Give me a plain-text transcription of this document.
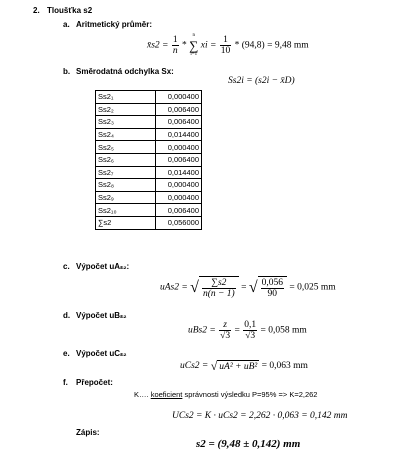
2. Tloušťka s2
a. Aritmetický průměr:
x̄s2 = $\frac{1}{n}$ *
n
∑
i=1
xi = $\frac{1}{10} * (94,8) = 9,48$ mm
b. Směrodatná odchylka Sx:
Ss2i = (s2i − x̄D)
Ss2₁	0,000400
Ss2₂	0,006400
Ss2₃	0,006400
Ss2₄	0,014400
Ss2₅	0,000400
Ss2₆	0,006400
Ss2₇	0,014400
Ss2₈	0,000400
Ss2₉	0,000400
Ss2₁₀	0,006400
∑s2	0,056000
c. Výpočet uAₛ₂:
uAs2 = √ $\frac{\sum s2}{n(n - 1)}$ = √ $\frac{0,056}{90} = 0,025$ mm
d. Výpočet uBₛ₂
$uBs2 = \frac{z}{√3} = \frac{0,1}{√3} = 0,058$ mm
e. Výpočet uCₛ₂
uCs2 = √ uA² + uB² = 0,063 mm
f. Přepočet:
K…. koeficient správnosti výsledku P=95% => K=2,262
UCs2 = K · uCs2 = 2,262 · 0,063 = 0,142 mm
Zápis:
s2 = (9,48 ± 0,142) mm
